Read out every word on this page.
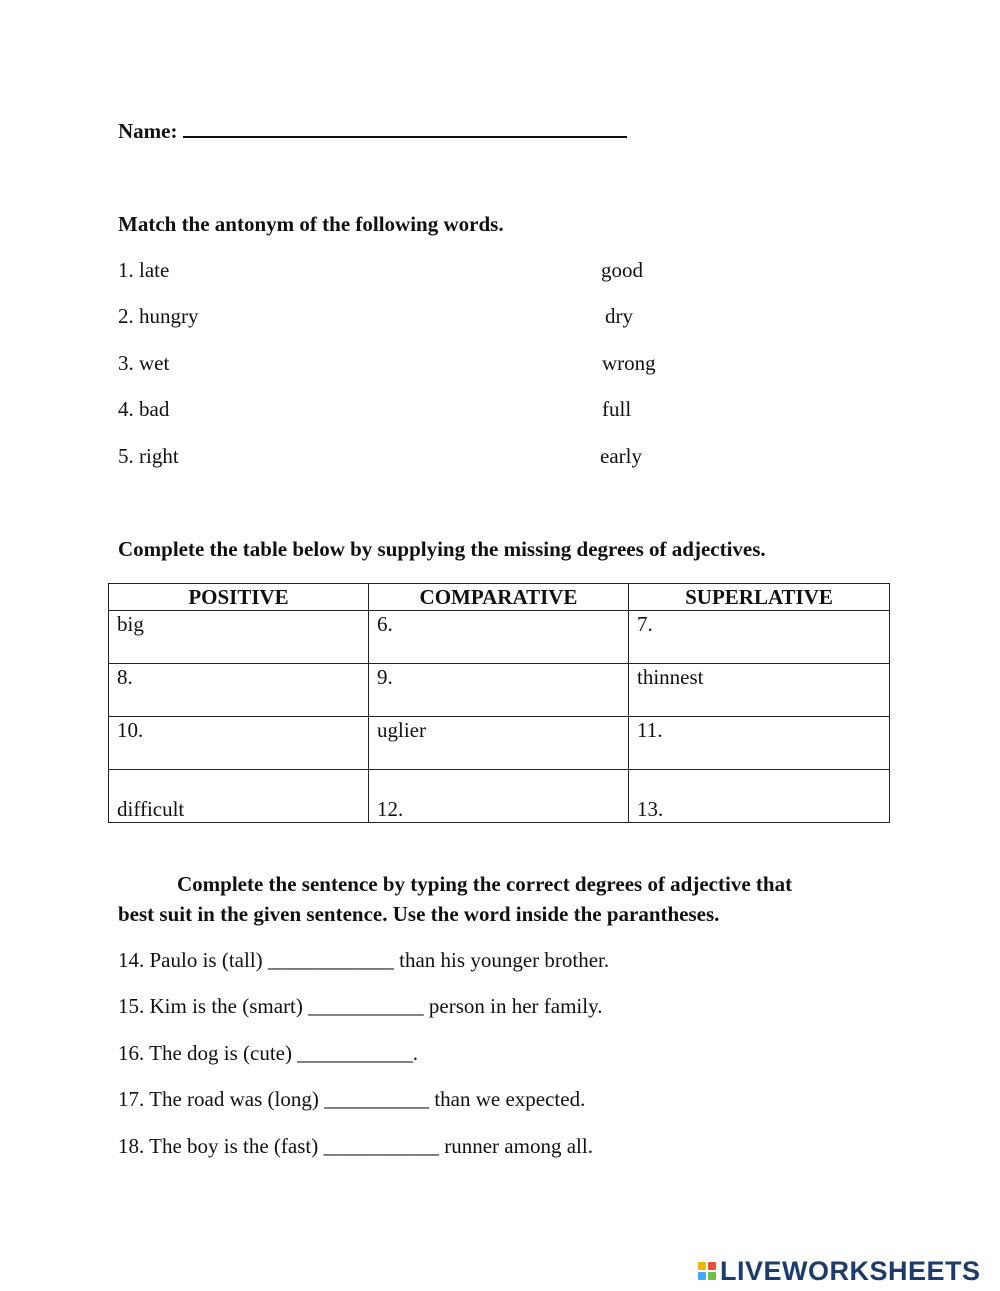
Name:
Match the antonym of the following words.
1. late	good
2. hungry	dry
3. wet	wrong
4. bad	full
5. right	early
Complete the table below by supplying the missing degrees of adjectives.
POSITIVE	COMPARATIVE	SUPERLATIVE
big	6.	7.
8.	9.	thinnest
10.	uglier	11.
difficult	12.	13.
Complete the sentence by typing the correct degrees of adjective that
best suit in the given sentence. Use the word inside the parantheses.
14. Paulo is (tall) ____________ than his younger brother.
15. Kim is the (smart) ___________ person in her family.
16. The dog is (cute) ___________.
17. The road was (long) __________ than we expected.
18. The boy is the (fast) ___________ runner among all.
LIVEWORKSHEETS
